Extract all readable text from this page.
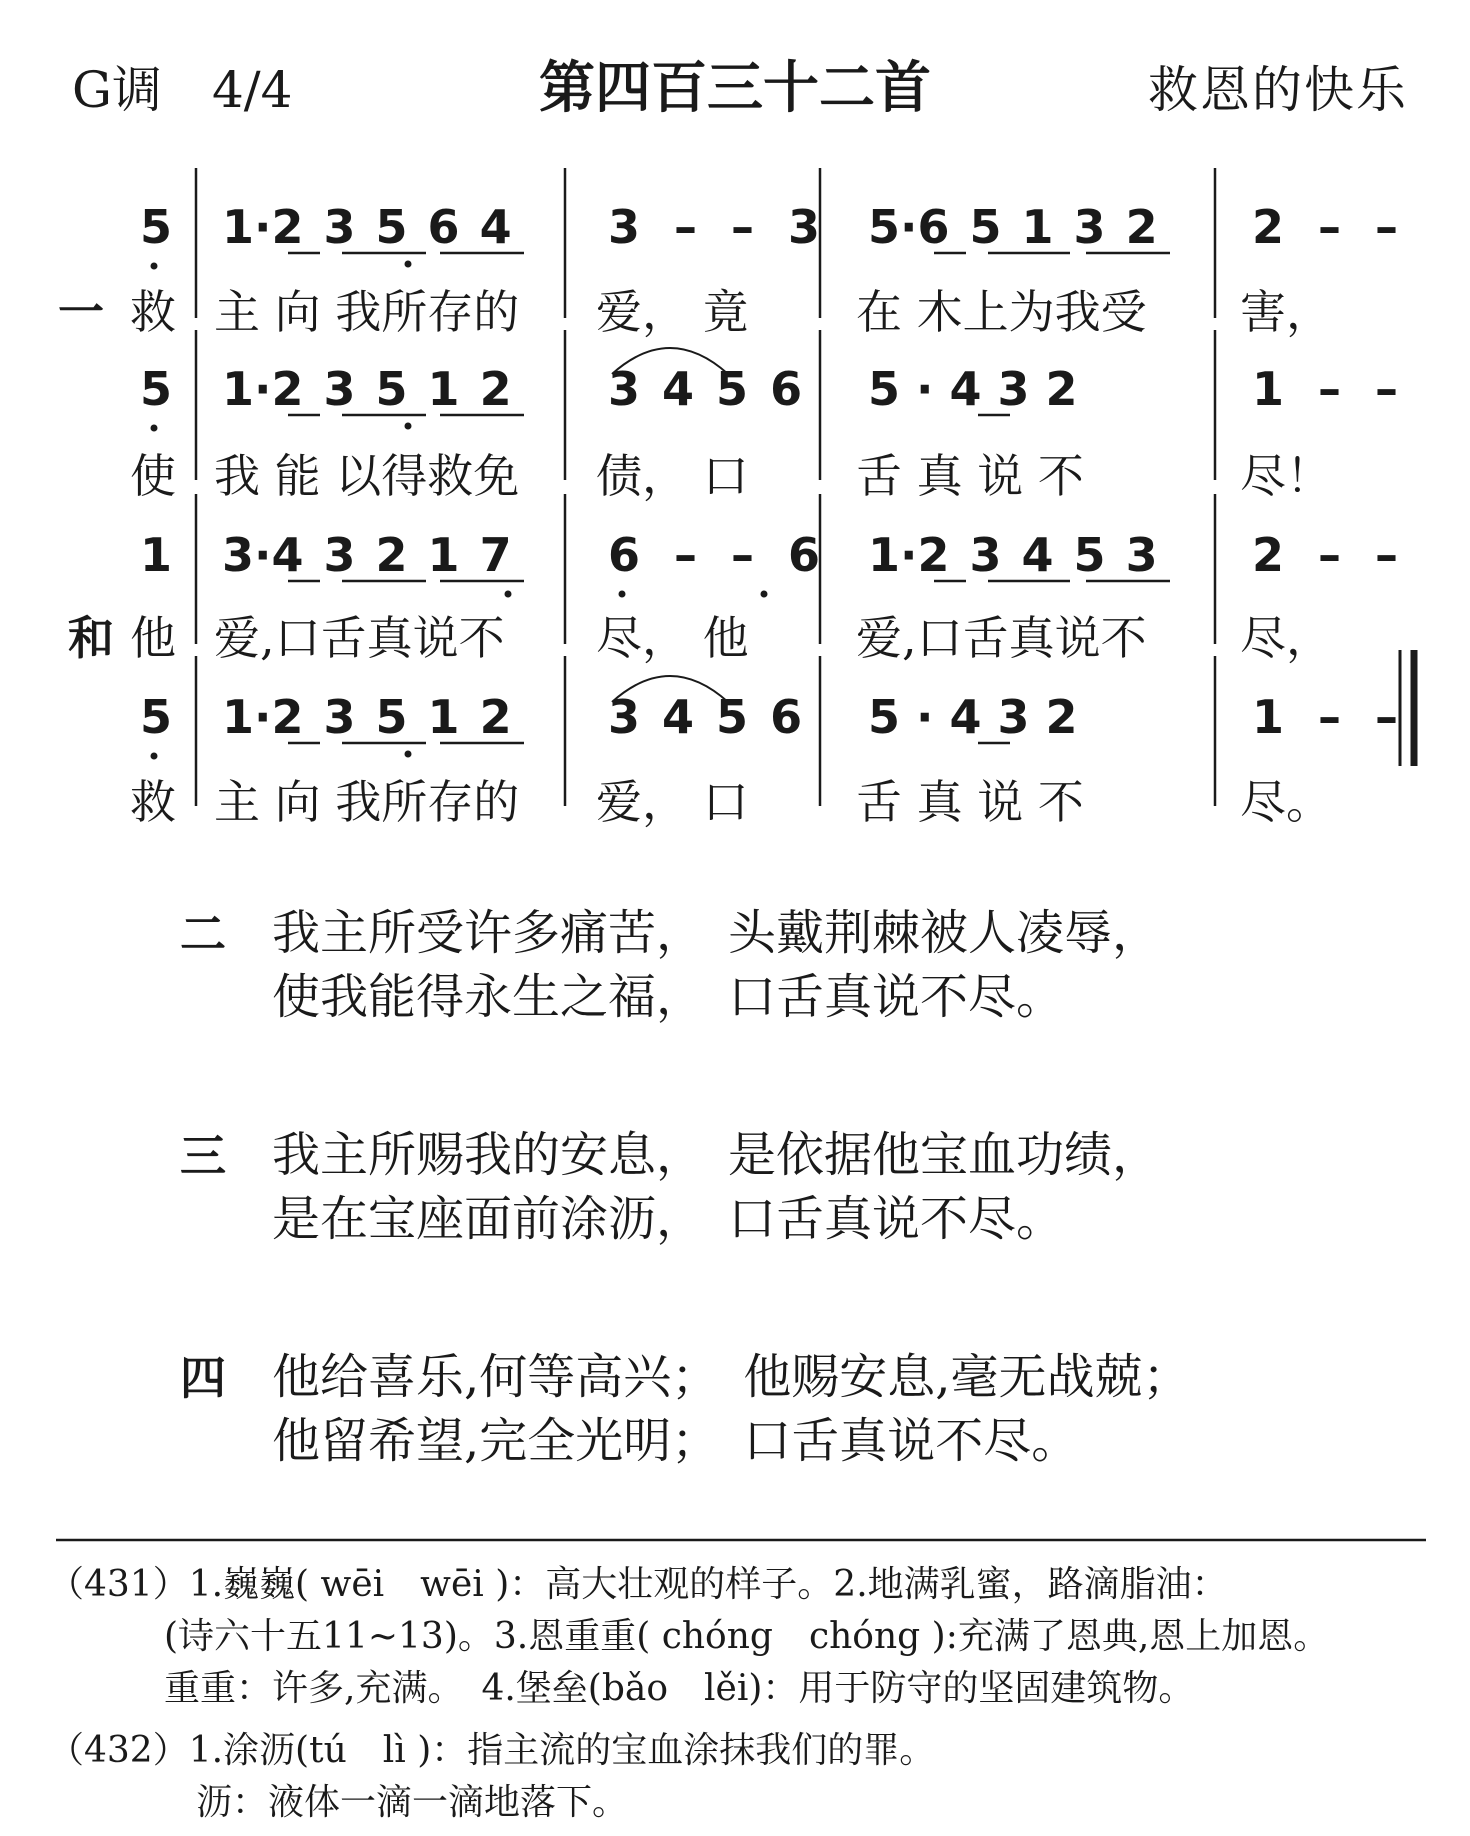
G调　4/4	第四百三十二首	救恩的快乐
5 1·2 3 5 6 4 3 – – 3 5·6 5 1 3 2 2 – –
一 救 主 向 我所存的 爱， 竟 在 木上为我受 害，
5 1·2 3 5 1 2 3 4 5 6 5 · 4 3 2	1 – –
使 我 能 以得救免 债， 口 舌 真 说 不	尽！
1 3·4 3 2 1 7 6 – – 6 1·2 3 4 5 3 2 – –
和 他 爱,口舌真说不 尽， 他 爱,口舌真说不 尽，
5 1·2 3 5 1 2 3 4 5 6 5 · 4 3 2	1 – –
救 主 向 我所存的 爱， 口 舌 真 说 不	尽。
二 我主所受许多痛苦，　头戴荆棘被人凌辱，
使我能得永生之福，　口舌真说不尽。
三 我主所赐我的安息，　是依据他宝血功绩，
是在宝座面前涂沥，　口舌真说不尽。
四 他给喜乐,何等高兴；　他赐安息,毫无战兢；
他留希望,完全光明；　口舌真说不尽。
（431）1.巍巍( wēi　wēi )：高大壮观的样子。2.地满乳蜜，路滴脂油：
(诗六十五11~13)。3.恩重重( chóng　chóng ):充满了恩典,恩上加恩。
重重：许多,充满。　4.堡垒(bǎo　lěi)：用于防守的坚固建筑物。
（432）1.涂沥(tú　lì )：指主流的宝血涂抹我们的罪。
沥：液体一滴一滴地落下。
